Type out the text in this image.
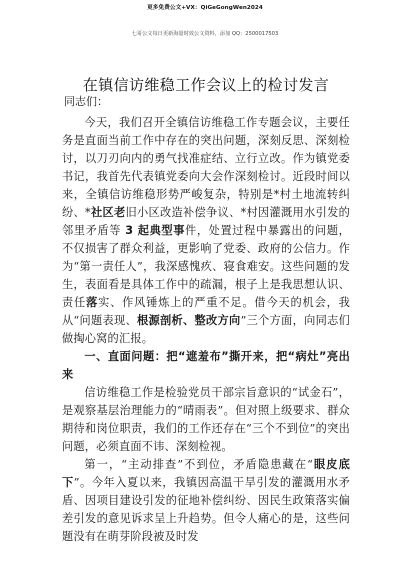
更多免费公文+VX：QiGeGongWen2024
七哥公文每日更新海量时效公文资料，添加 QQ：2500017503
在镇信访维稳工作会议上的检讨发言
同志们：

今天，我们召开全镇信访维稳工作专题会议，主要任务是直面当前工作中存在的突出问题，深刻反思、深刻检讨，以刀刃向内的勇气找准症结、立行立改。作为镇党委书记，我首先代表镇党委向大会作深刻检讨。近段时间以来，全镇信访维稳形势严峻复杂，特别是*村土地流转纠纷、*社区老旧小区改造补偿争议、*村因灌溉用水引发的邻里矛盾等 3 起典型事件，处置过程中暴露出的问题，不仅损害了群众利益，更影响了党委、政府的公信力。作为“第一责任人”，我深感愧疚、寝食难安。这些问题的发生，表面看是具体工作中的疏漏，根子上是我思想认识、责任落实、作风锤炼上的严重不足。借今天的机会，我从“问题表现、根源剖析、整改方向”三个方面，向同志们做掏心窝的汇报。

一、直面问题：把“遮羞布”撕开来，把“病灶”亮出来

信访维稳工作是检验党员干部宗旨意识的“试金石”，是观察基层治理能力的“晴雨表”。但对照上级要求、群众期待和岗位职责，我们的工作还存在“三个不到位”的突出问题，必须直面不讳、深刻检视。

第一，“主动排查”不到位，矛盾隐患藏在“眼皮底下”。今年入夏以来，我镇因高温干旱引发的灌溉用水矛盾、因项目建设引发的征地补偿纠纷、因民生政策落实偏差引发的意见诉求呈上升趋势。但令人痛心的是，这些问题没有在萌芽阶段被及时发
